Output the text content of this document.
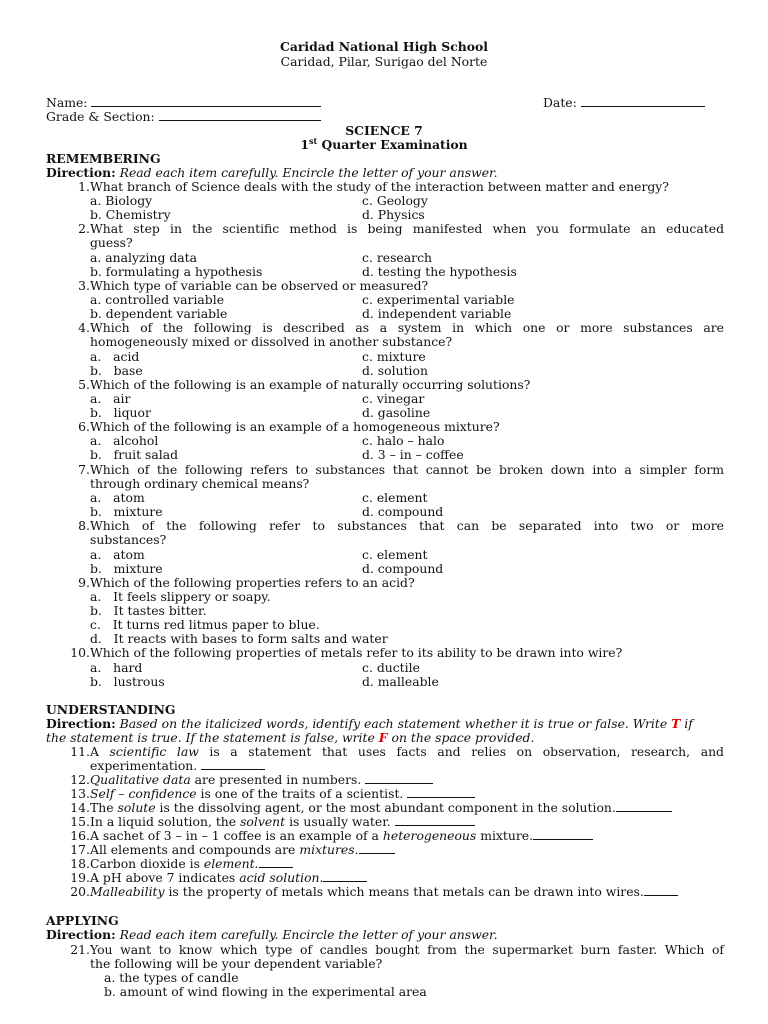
Caridad National High School
Caridad, Pilar, Surigao del Norte
Name:	Date:
Grade & Section:
SCIENCE 7
1st Quarter Examination
REMEMBERING
Direction: Read each item carefully. Encircle the letter of your answer.
1. What branch of Science deals with the study of the interaction between matter and energy?
a. Biology	c. Geology
b. Chemistry	d. Physics
2. What step in the scientific method is being manifested when you formulate an educated
guess?
a. analyzing data	c. research
b. formulating a hypothesis	d. testing the hypothesis
3. Which type of variable can be observed or measured?
a. controlled variable	c. experimental variable
b. dependent variable	d. independent variable
4. Which of the following is described as a system in which one or more substances are
homogeneously mixed or dissolved in another substance?
a.   acid	c. mixture
b.   base	d. solution
5. Which of the following is an example of naturally occurring solutions?
a.   air	c. vinegar
b.   liquor	d. gasoline
6. Which of the following is an example of a homogeneous mixture?
a.   alcohol	c. halo – halo
b.   fruit salad	d. 3 – in – coffee
7. Which of the following refers to substances that cannot be broken down into a simpler form
through ordinary chemical means?
a.   atom	c. element
b.   mixture	d. compound
8. Which of the following refer to substances that can be separated into two or more
substances?
a.   atom	c. element
b.   mixture	d. compound
9. Which of the following properties refers to an acid?
a.   It feels slippery or soapy.
b.   It tastes bitter.
c.   It turns red litmus paper to blue.
d.   It reacts with bases to form salts and water
10. Which of the following properties of metals refer to its ability to be drawn into wire?
a.   hard	c. ductile
b.   lustrous	d. malleable
UNDERSTANDING
Direction: Based on the italicized words, identify each statement whether it is true or false. Write T if
the statement is true. If the statement is false, write F on the space provided.
11. A scientific law is a statement that uses facts and relies on observation, research, and
experimentation.
12. Qualitative data are presented in numbers.
13. Self – confidence is one of the traits of a scientist.
14. The solute is the dissolving agent, or the most abundant component in the solution.
15. In a liquid solution, the solvent is usually water.
16. A sachet of 3 – in – 1 coffee is an example of a heterogeneous mixture.
17. All elements and compounds are mixtures.
18. Carbon dioxide is element.
19. A pH above 7 indicates acid solution.
20. Malleability is the property of metals which means that metals can be drawn into wires.
APPLYING
Direction: Read each item carefully. Encircle the letter of your answer.
21. You want to know which type of candles bought from the supermarket burn faster. Which of
the following will be your dependent variable?
a. the types of candle
b. amount of wind flowing in the experimental area
